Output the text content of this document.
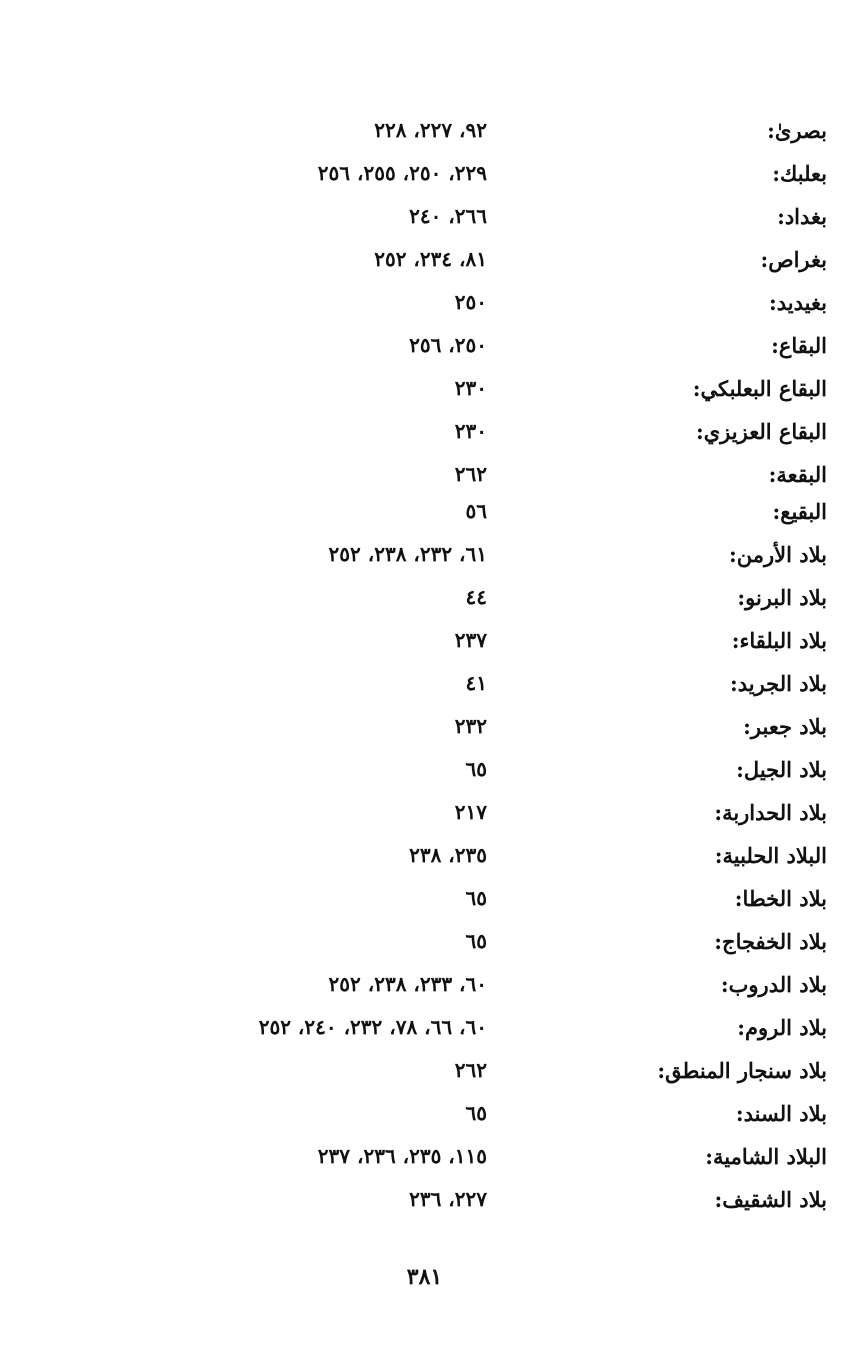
بصرىٰ:
٩٢، ٢٢٧، ٢٢٨
بعلبك:
٢٢٩، ٢٥٠، ٢٥٥، ٢٥٦
بغداد:
٢٦٦، ٢٤٠
بغراص:
٨١، ٢٣٤، ٢٥٢
بغيديد:
٢٥٠
البقاع:
٢٥٠، ٢٥٦
البقاع البعلبكي:
٢٣٠
البقاع العزيزي:
٢٣٠
البقعة:
٢٦٢
البقيع:
٥٦
بلاد الأرمن:
٦١، ٢٣٢، ٢٣٨، ٢٥٢
بلاد البرنو:
٤٤
بلاد البلقاء:
٢٣٧
بلاد الجريد:
٤١
بلاد جعبر:
٢٣٢
بلاد الجيل:
٦٥
بلاد الحداربة:
٢١٧
البلاد الحلبية:
٢٣٥، ٢٣٨
بلاد الخطا:
٦٥
بلاد الخفجاج:
٦٥
بلاد الدروب:
٦٠، ٢٣٣، ٢٣٨، ٢٥٢
بلاد الروم:
٦٠، ٦٦، ٧٨، ٢٣٢، ٢٤٠، ٢٥٢
بلاد سنجار المنطق:
٢٦٢
بلاد السند:
٦٥
البلاد الشامية:
١١٥، ٢٣٥، ٢٣٦، ٢٣٧
بلاد الشقيف:
٢٢٧، ٢٣٦
٣٨١
